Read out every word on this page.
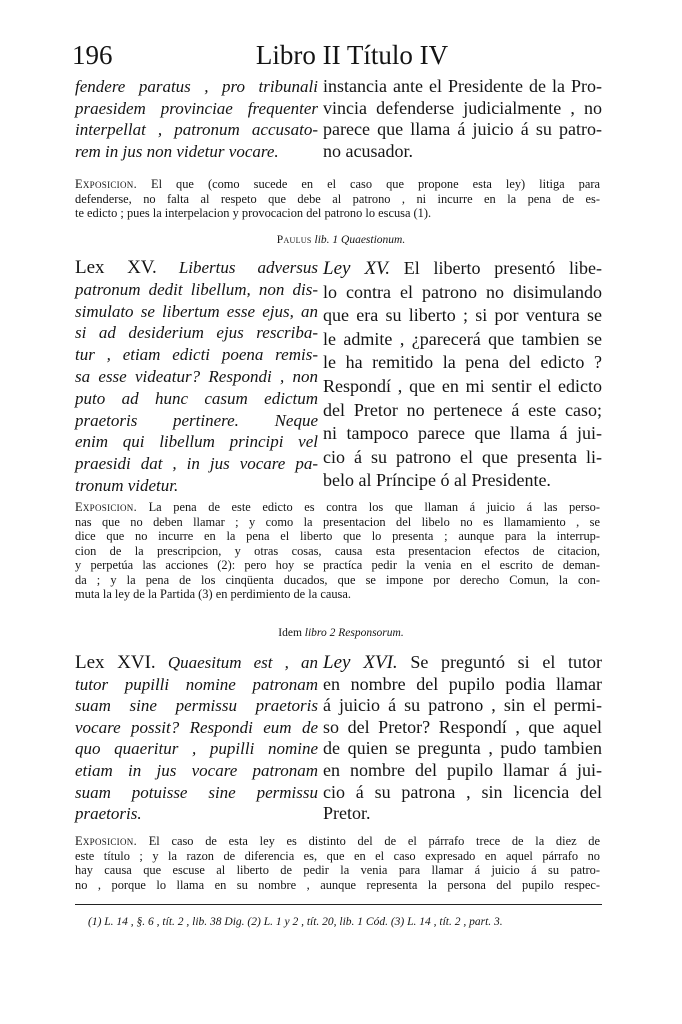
196	Libro II Título IV
fendere paratus , pro tribunali
praesidem provinciae frequenter
interpellat , patronum accusato-
rem in jus non videtur vocare.
instancia ante el Presidente de la Pro-
vincia defenderse judicialmente , no
parece que llama á juicio á su patro-
no acusador.
Exposicion. El que (como sucede en el caso que propone esta ley) litiga para
defenderse, no falta al respeto que debe al patrono , ni incurre en la pena de es-
te edicto ; pues la interpelacion y provocacion del patrono lo escusa (1).
Paulus lib. 1 Quaestionum.
Lex XV. Libertus adversus
patronum dedit libellum, non dis-
simulato se libertum esse ejus, an
si ad desiderium ejus rescriba-
tur , etiam edicti poena remis-
sa esse videatur? Respondi , non
puto ad hunc casum edictum
praetoris pertinere. Neque
enim qui libellum principi vel
praesidi dat , in jus vocare pa-
tronum videtur.
Ley XV. El liberto presentó libe-
lo contra el patrono no disimulando
que era su liberto ; si por ventura se
le admite , ¿parecerá que tambien se
le ha remitido la pena del edicto ?
Respondí , que en mi sentir el edicto
del Pretor no pertenece á este caso;
ni tampoco parece que llama á jui-
cio á su patrono el que presenta li-
belo al Príncipe ó al Presidente.
Exposicion. La pena de este edicto es contra los que llaman á juicio á las perso-
nas que no deben llamar ; y como la presentacion del libelo no es llamamiento , se
dice que no incurre en la pena el liberto que lo presenta ; aunque para la interrup-
cion de la prescripcion, y otras cosas, causa esta presentacion efectos de citacion,
y perpetúa las acciones (2): pero hoy se practíca pedir la venia en el escrito de deman-
da ; y la pena de los cinqüenta ducados, que se impone por derecho Comun, la con-
muta la ley de la Partida (3) en perdimiento de la causa.
Idem libro 2 Responsorum.
Lex XVI. Quaesitum est , an
tutor pupilli nomine patronam
suam sine permissu praetoris
vocare possit? Respondi eum de
quo quaeritur , pupilli nomine
etiam in jus vocare patronam
suam potuisse sine permissu
praetoris.
Ley XVI. Se preguntó si el tutor
en nombre del pupilo podia llamar
á juicio á su patrono , sin el permi-
so del Pretor? Respondí , que aquel
de quien se pregunta , pudo tambien
en nombre del pupilo llamar á jui-
cio á su patrona , sin licencia del
Pretor.
Exposicion. El caso de esta ley es distinto del de el párrafo trece de la diez de
este título ; y la razon de diferencia es, que en el caso expresado en aquel párrafo no
hay causa que escuse al liberto de pedir la venia para llamar á juicio á su patro-
no , porque lo llama en su nombre , aunque representa la persona del pupilo respec-
(1) L. 14 , §. 6 , tít. 2 , lib. 38 Dig. (2) L. 1 y 2 , tít. 20, lib. 1 Cód. (3) L. 14 , tít. 2 , part. 3.
